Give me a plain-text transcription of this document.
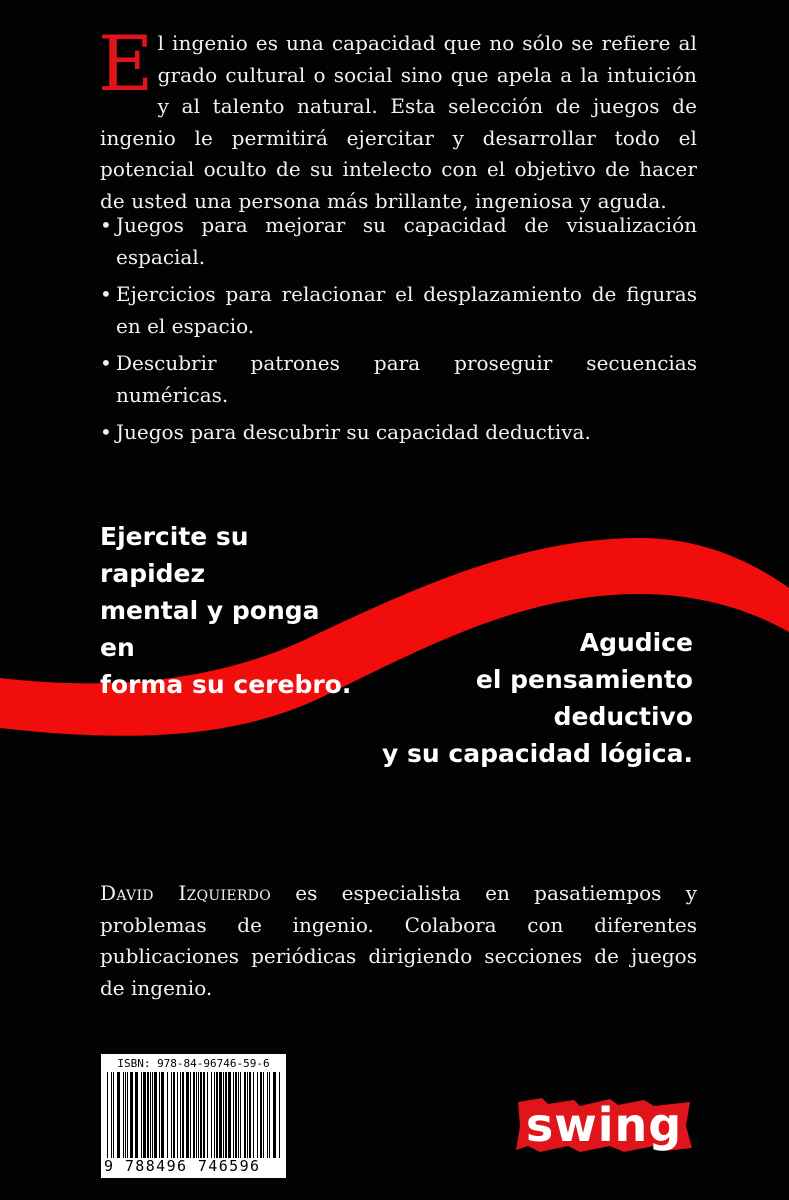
E l ingenio es una capacidad que no sólo se refiere al grado cultural o social sino que apela a la intuición y al talento natural. Esta selección de juegos de ingenio le permitirá ejercitar y desarrollar todo el potencial oculto de su intelecto con el objetivo de hacer de usted una persona más brillante, ingeniosa y aguda.
• Juegos para mejorar su capacidad de visualización espacial.
• Ejercicios para relacionar el desplazamiento de figuras en el espacio.
• Descubrir patrones para proseguir secuencias numéricas.
• Juegos para descubrir su capacidad deductiva.
Ejercite su rapidez
mental y ponga en
forma su cerebro.
Agudice
el pensamiento
deductivo
y su capacidad lógica.
David Izquierdo es especialista en pasatiempos y problemas de ingenio. Colabora con diferentes publicaciones periódicas dirigiendo secciones de juegos de ingenio.
ISBN: 978-84-96746-59-6
9 788496 746596
swing
